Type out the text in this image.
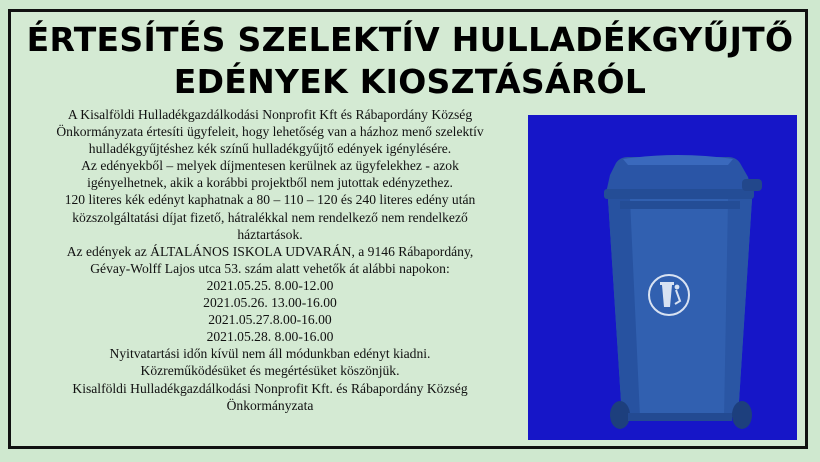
ÉRTESÍTÉS SZELEKTÍV HULLADÉKGYŰJTŐ
EDÉNYEK KIOSZTÁSÁRÓL

A Kisalföldi Hulladékgazdálkodási Nonprofit Kft és Rábapordány Község

Önkormányzata értesíti ügyfeleit, hogy lehetőség van a házhoz menő szelektív

hulladékgyűjtéshez kék színű hulladékgyűjtő edények igénylésére.

Az edényekből – melyek díjmentesen kerülnek az ügyfelekhez - azok

igényelhetnek, akik a korábbi projektből nem jutottak edényzethez.

120 literes kék edényt kaphatnak a 80 – 110 – 120 és 240 literes edény után

közszolgáltatási díjat fizető, hátralékkal nem rendelkező nem rendelkező

háztartások.

Az edények az ÁLTALÁNOS ISKOLA UDVARÁN, a 9146 Rábapordány,

Gévay-Wolff Lajos utca 53. szám alatt vehetők át alábbi napokon:

2021.05.25. 8.00-12.00

2021.05.26. 13.00-16.00

2021.05.27.8.00-16.00

2021.05.28. 8.00-16.00

Nyitvatartási időn kívül nem áll módunkban edényt kiadni.

Közreműködésüket és megértésüket köszönjük.

Kisalföldi Hulladékgazdálkodási Nonprofit Kft. és Rábapordány Község

Önkormányzata
